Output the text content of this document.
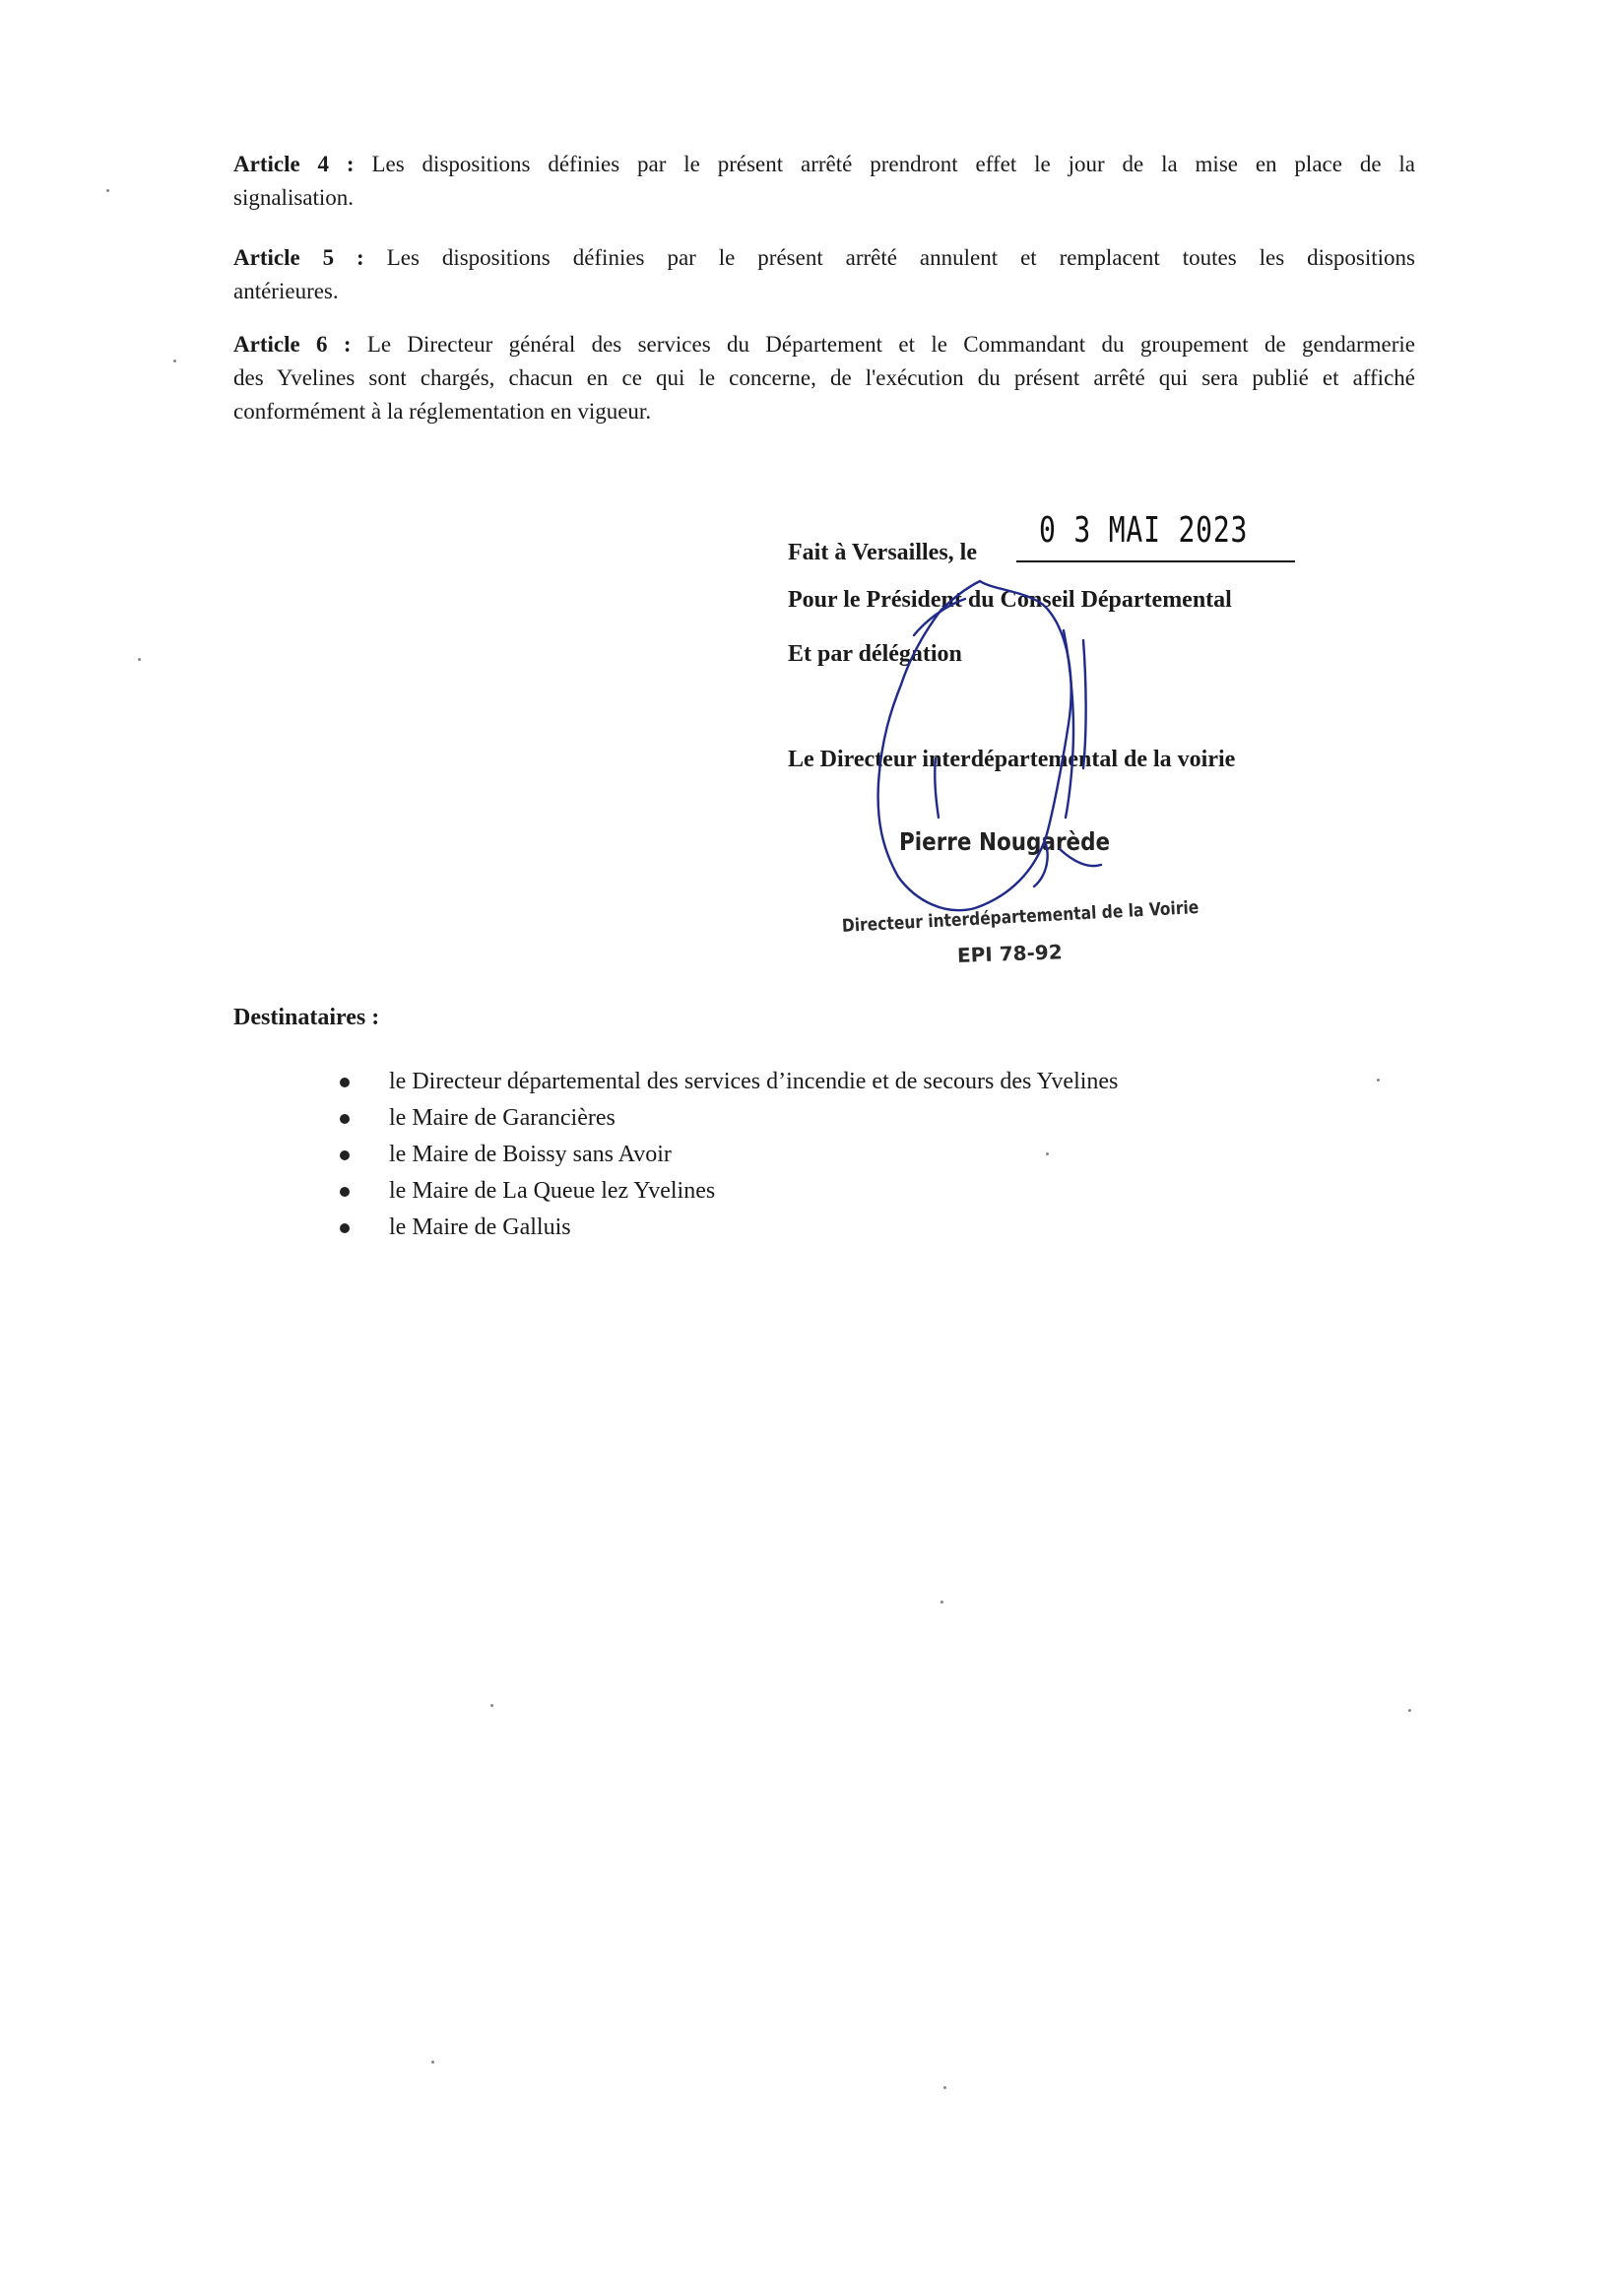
Article 4 : Les dispositions définies par le présent arrêté prendront effet le jour de la mise en place de la
signalisation.
Article 5 : Les dispositions définies par le présent arrêté annulent et remplacent toutes les dispositions
antérieures.
Article 6 : Le Directeur général des services du Département et le Commandant du groupement de gendarmerie
des Yvelines sont chargés, chacun en ce qui le concerne, de l'exécution du présent arrêté qui sera publié et affiché
conformément à la réglementation en vigueur.
Fait à Versailles, le
0 3 MAI 2023
Pour le Président du Conseil Départemental
Et par délégation
Le Directeur interdépartemental de la voirie
Pierre Nougarède
Directeur interdépartemental de la Voirie
EPI 78-92
Destinataires :
le Directeur départemental des services d’incendie et de secours des Yvelines
le Maire de Garancières
le Maire de Boissy sans Avoir
le Maire de La Queue lez Yvelines
le Maire de Galluis
